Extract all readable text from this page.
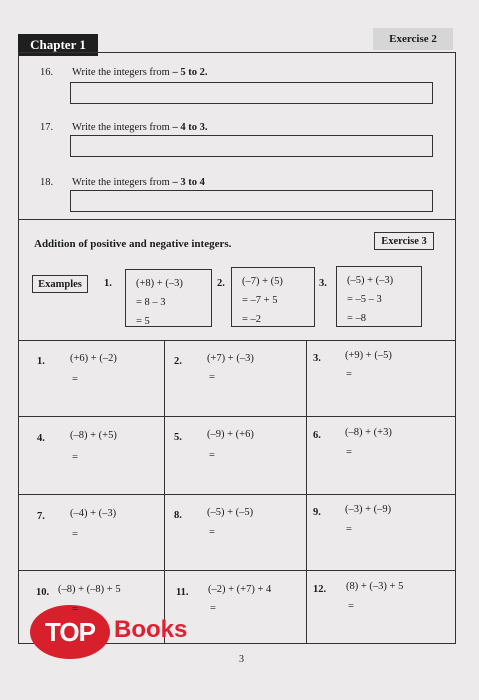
Chapter 1	Exercise 2
16. Write the integers from – 5 to 2.
17. Write the integers from – 4 to 3.
18. Write the integers from – 3 to 4
Addition of positive and negative integers.	Exercise 3
Examples	1. (+8) + (–3)
= 8 – 3
= 5
2. (–7) + (5)
= –7 + 5
= –2
3. (–5) + (–3)
= –5 – 3
= –8
1. (+6) + (–2)
=
2. (+7) + (–3)
=
3. (+9) + (–5)
=
4. (–8) + (+5)
=
5. (–9) + (+6)
=
6. (–8) + (+3)
=
7. (–4) + (–3)
=
8. (–5) + (–5)
=
9. (–3) + (–9)
=
10. (–8) + (–8) + 5
=
11. (–2) + (+7) + 4
=
12. (8) + (–3) + 5
=
TOP Books
3
